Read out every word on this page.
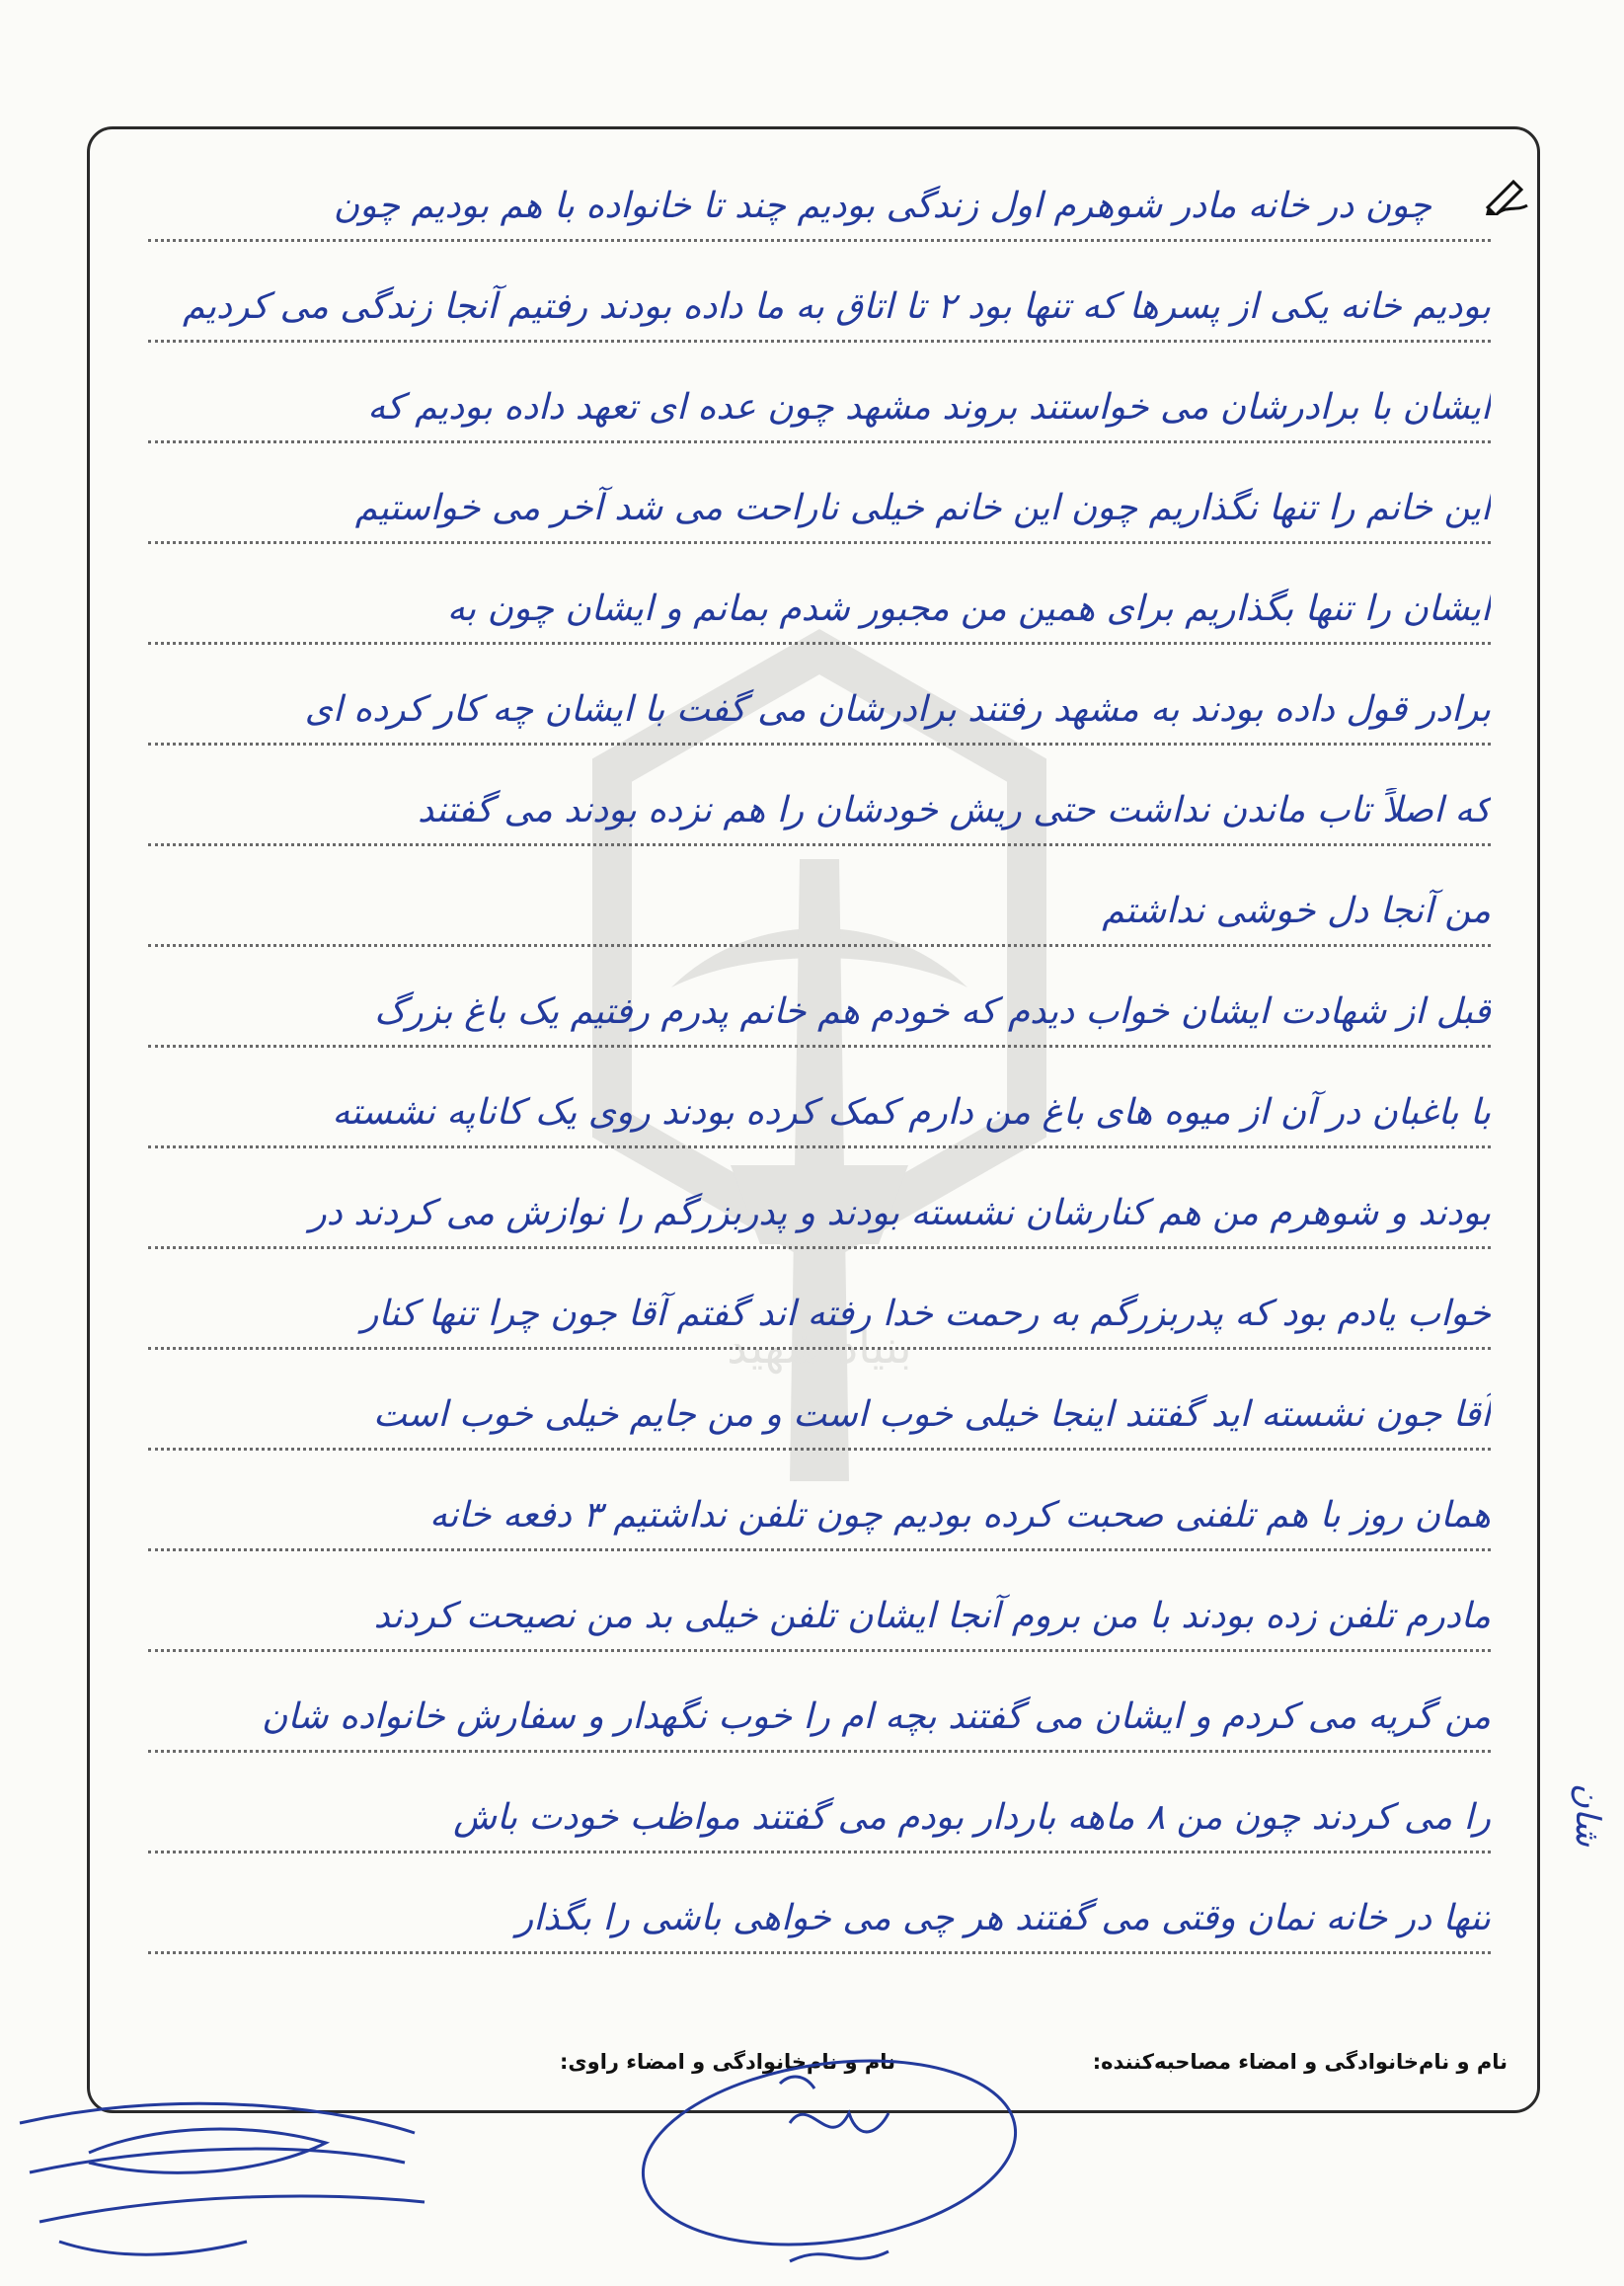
بنیاد شهید
چون در خانه مادر شوهرم اول زندگی بودیم چند تا خانواده با هم بودیم چون
بودیم خانه یکی از پسرها که تنها بود ۲ تا اتاق به ما داده بودند رفتیم آنجا زندگی می کردیم
ایشان با برادرشان می خواستند بروند مشهد چون عده ای تعهد داده بودیم که
این خانم را تنها نگذاریم چون این خانم خیلی ناراحت می شد آخر می خواستیم
ایشان را تنها بگذاریم برای همین من مجبور شدم بمانم و ایشان چون به
برادر قول داده بودند به مشهد رفتند برادرشان می گفت با ایشان چه کار کرده ای
که اصلاً تاب ماندن نداشت حتی ریش خودشان را هم نزده بودند می گفتند
من آنجا دل خوشی نداشتم
قبل از شهادت ایشان خواب دیدم که خودم هم خانم پدرم رفتیم یک باغ بزرگ
با باغبان در آن از میوه های باغ من دارم کمک کرده بودند روی یک کاناپه نشسته
بودند و شوهرم من هم کنارشان نشسته بودند و پدربزرگم را نوازش می کردند در
خواب یادم بود که پدربزرگم به رحمت خدا رفته اند گفتم آقا جون چرا تنها کنار
آقا جون نشسته اید گفتند اینجا خیلی خوب است و من جایم خیلی خوب است
همان روز با هم تلفنی صحبت کرده بودیم چون تلفن نداشتیم ۳ دفعه خانه
مادرم تلفن زده بودند با من بروم آنجا ایشان تلفن خیلی بد من نصیحت کردند
من گریه می کردم و ایشان می گفتند بچه ام را خوب نگهدار و سفارش خانواده شان
را می کردند چون من ۸ ماهه باردار بودم می گفتند مواظب خودت باش
تنها در خانه نمان وقتی می گفتند هر چی می خواهی باشی را بگذار
شان
نام و نام‌خانوادگی و امضاء مصاحبه‌کننده:
نام و نام‌خانوادگی و امضاء راوی:
